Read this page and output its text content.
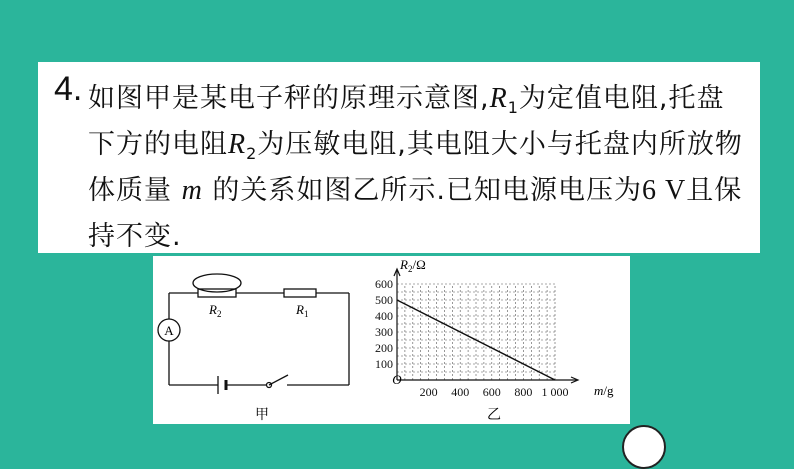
4. 如图甲是某电子秤的原理示意图$,R_1$为定值电阻,托盘
下方的电阻$R_2$为压敏电阻,其电阻大小与托盘内所放物
体质量 m 的关系如图乙所示.已知电源电压为6 V且保
持不变.
A
$R_2$	$R_1$
甲
200 400 600 800 1 000
100
200
300
400
500
600
O
$R_2/\Omega$
m/g
乙
